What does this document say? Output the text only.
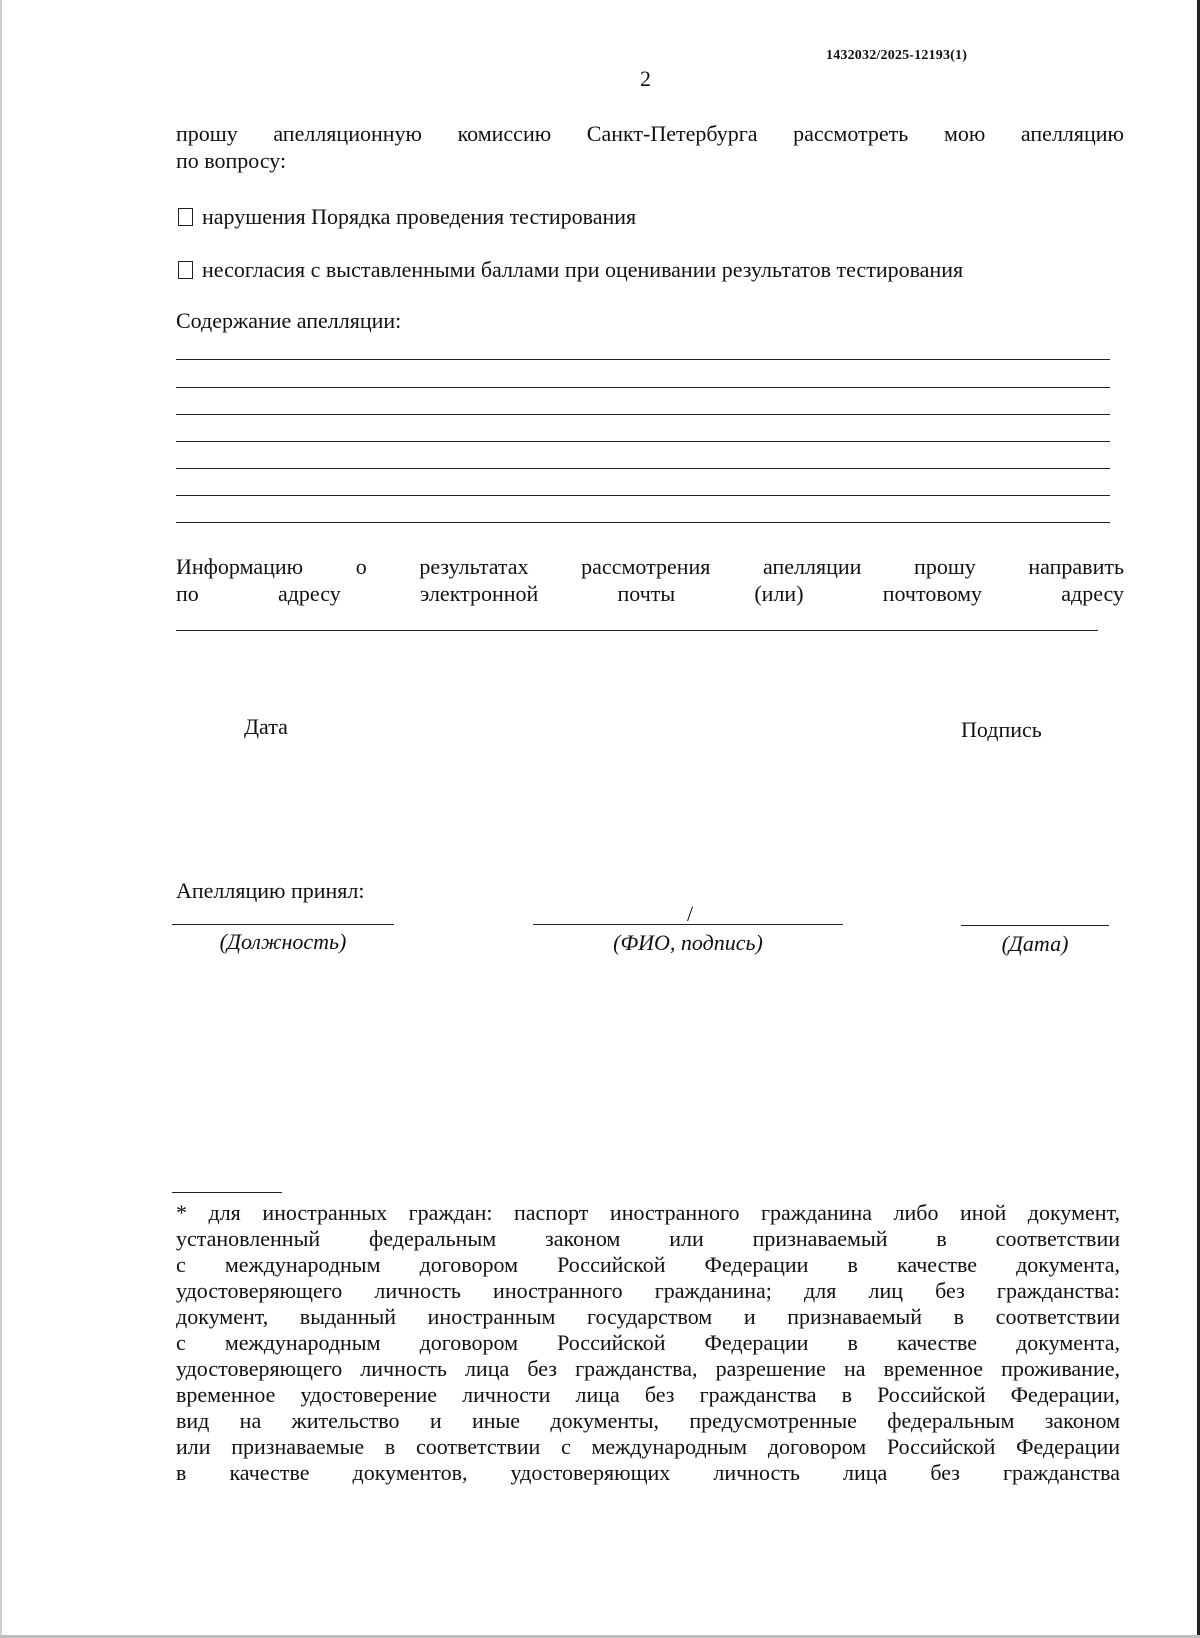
1432032/2025-12193(1)
2
прошу апелляционную комиссию Санкт-Петербурга рассмотреть мою апелляцию
по вопросу:
нарушения Порядка проведения тестирования
несогласия с выставленными баллами при оценивании результатов тестирования
Содержание апелляции:
Информацию о результатах рассмотрения апелляции прошу направить
по адресу электронной почты (или) почтовому адресу
Дата	Подпись
Апелляцию принял:
/
(Должность)	(ФИО, подпись)	(Дата)
* для иностранных граждан: паспорт иностранного гражданина либо иной документ,
установленный федеральным законом или признаваемый в соответствии
с международным договором Российской Федерации в качестве документа,
удостоверяющего личность иностранного гражданина; для лиц без гражданства:
документ, выданный иностранным государством и признаваемый в соответствии
с международным договором Российской Федерации в качестве документа,
удостоверяющего личность лица без гражданства, разрешение на временное проживание,
временное удостоверение личности лица без гражданства в Российской Федерации,
вид на жительство и иные документы, предусмотренные федеральным законом
или признаваемые в соответствии с международным договором Российской Федерации
в качестве документов, удостоверяющих личность лица без гражданства
